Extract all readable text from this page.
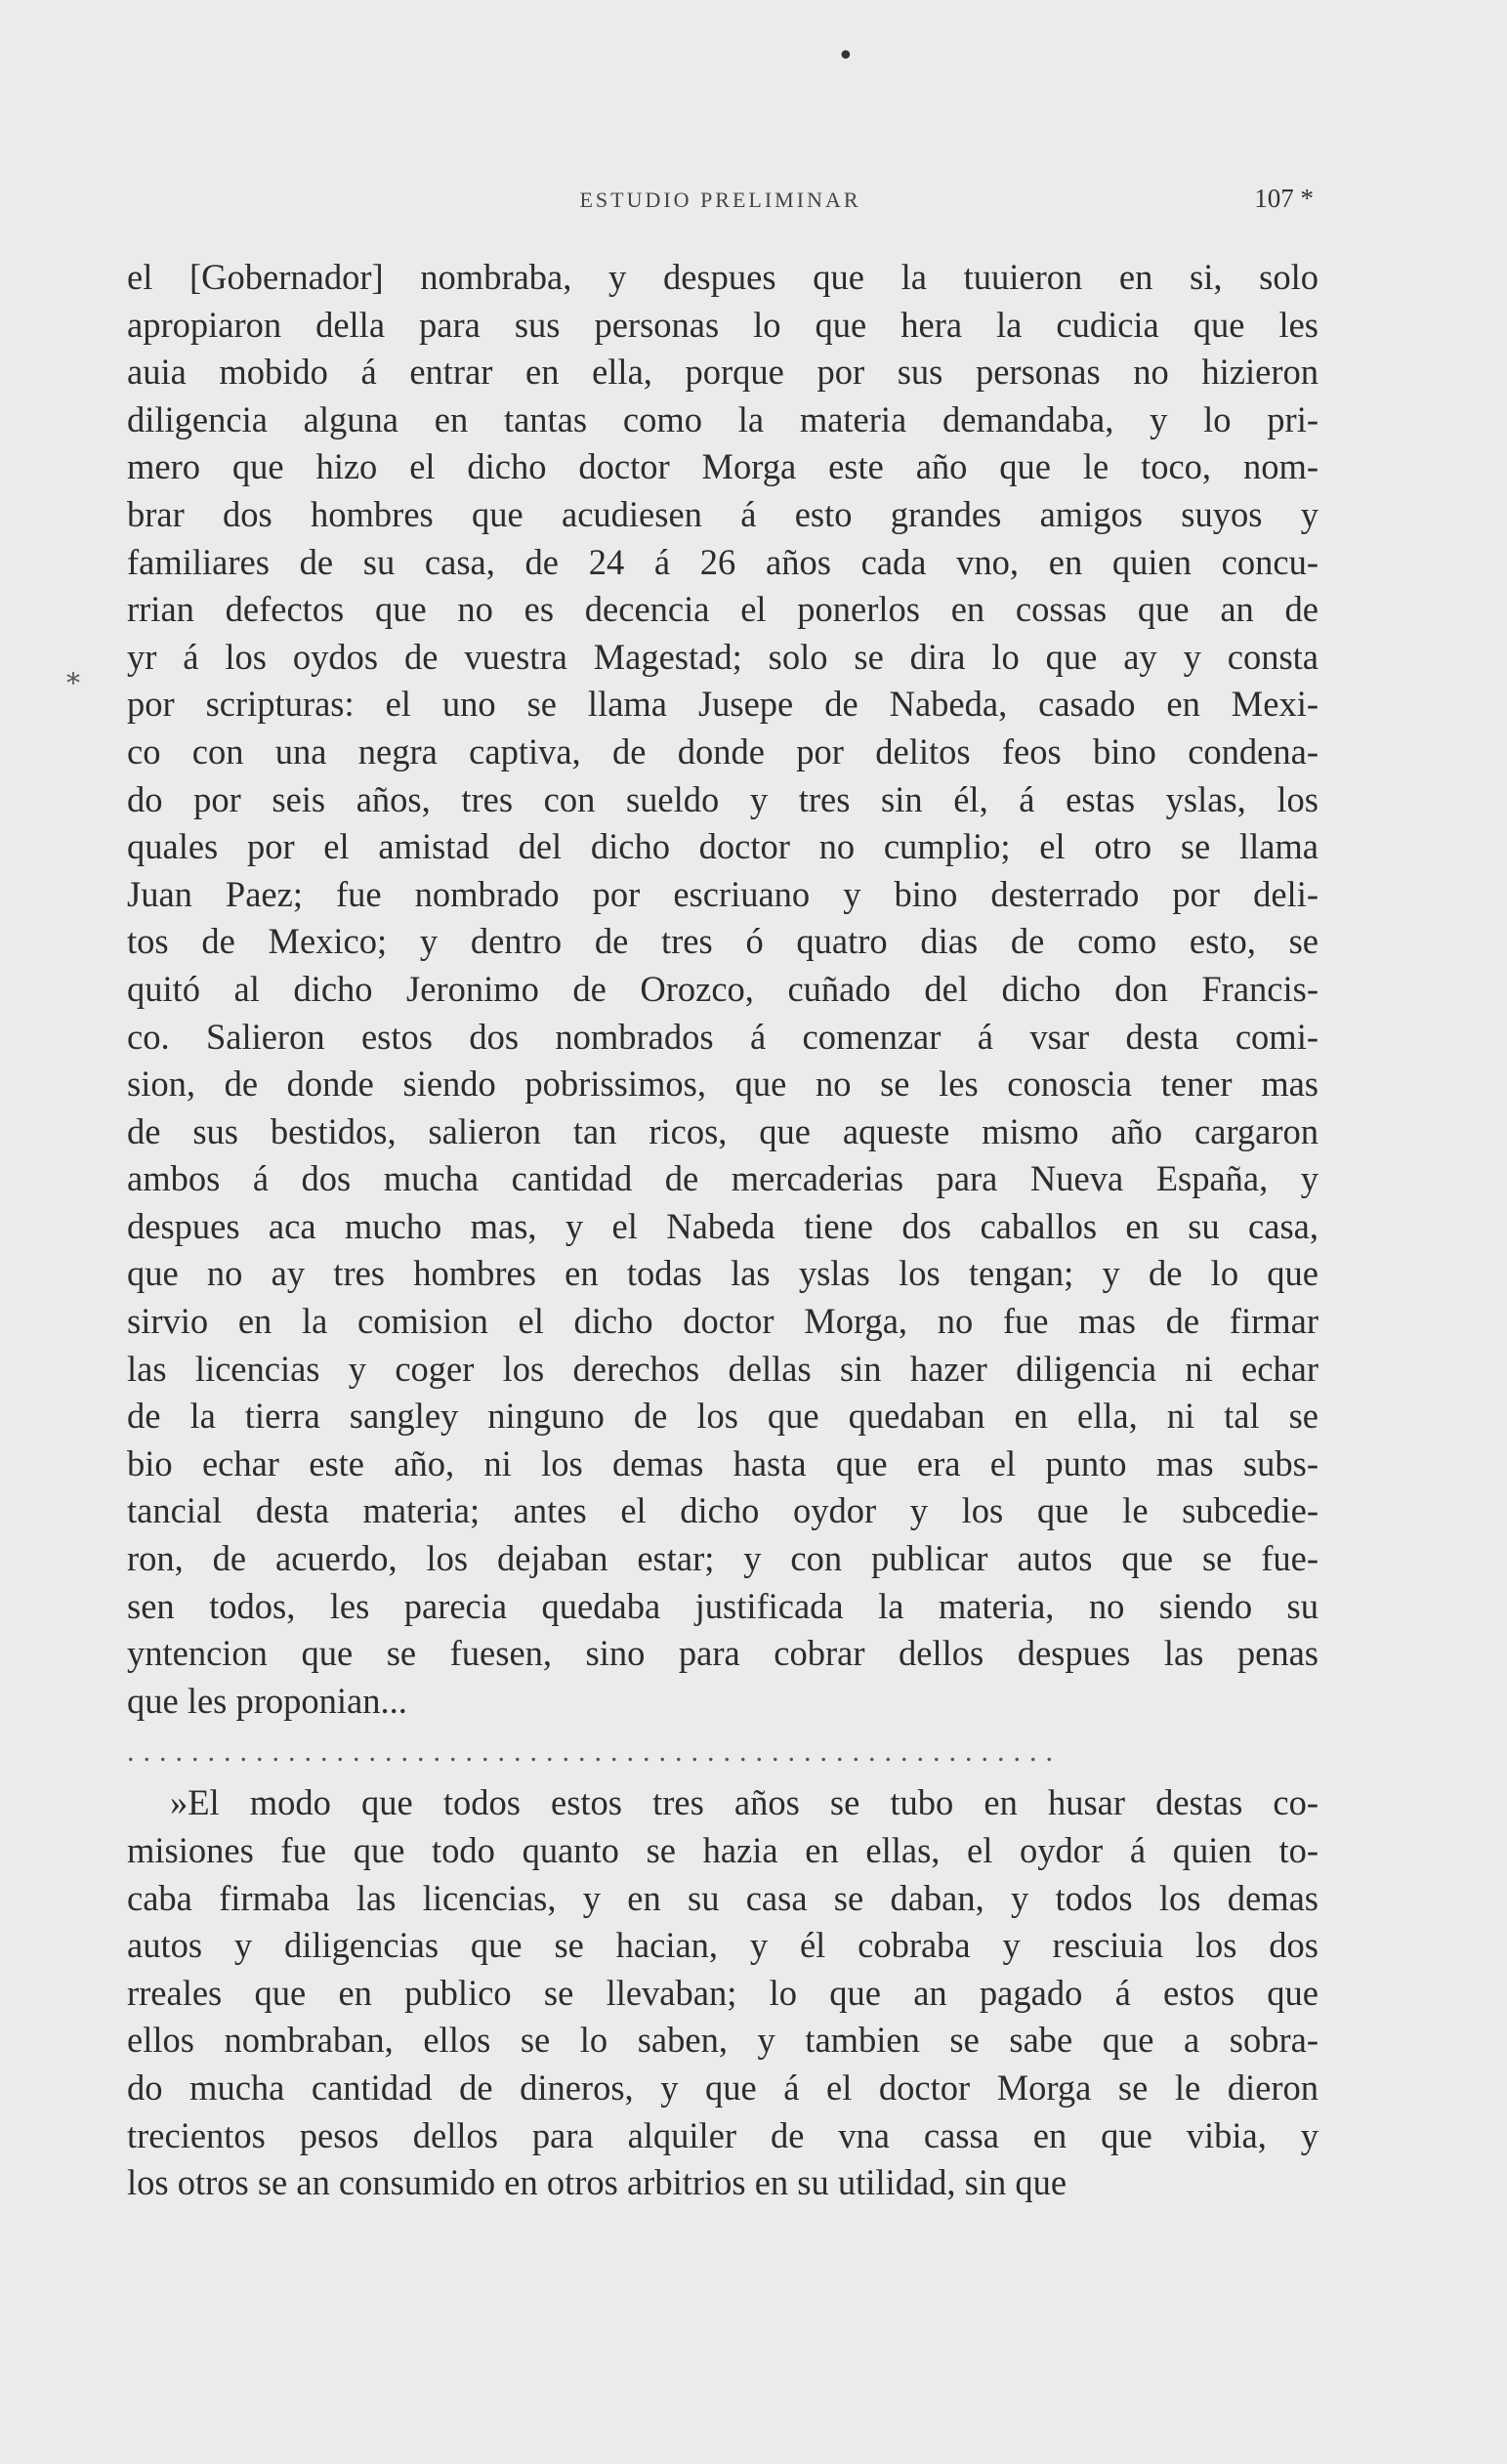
•
ESTUDIO PRELIMINAR	107 *
*
el [Gobernador] nombraba, y despues que la tuuieron en si, solo
apropiaron della para sus personas lo que hera la cudicia que les
auia mobido á entrar en ella, porque por sus personas no hizieron
diligencia alguna en tantas como la materia demandaba, y lo pri-
mero que hizo el dicho doctor Morga este año que le toco, nom-
brar dos hombres que acudiesen á esto grandes amigos suyos y
familiares de su casa, de 24 á 26 años cada vno, en quien concu-
rrian defectos que no es decencia el ponerlos en cossas que an de
yr á los oydos de vuestra Magestad; solo se dira lo que ay y consta
por scripturas: el uno se llama Jusepe de Nabeda, casado en Mexi-
co con una negra captiva, de donde por delitos feos bino condena-
do por seis años, tres con sueldo y tres sin él, á estas yslas, los
quales por el amistad del dicho doctor no cumplio; el otro se llama
Juan Paez; fue nombrado por escriuano y bino desterrado por deli-
tos de Mexico; y dentro de tres ó quatro dias de como esto, se
quitó al dicho Jeronimo de Orozco, cuñado del dicho don Francis-
co. Salieron estos dos nombrados á comenzar á vsar desta comi-
sion, de donde siendo pobrissimos, que no se les conoscia tener mas
de sus bestidos, salieron tan ricos, que aqueste mismo año cargaron
ambos á dos mucha cantidad de mercaderias para Nueva España, y
despues aca mucho mas, y el Nabeda tiene dos caballos en su casa,
que no ay tres hombres en todas las yslas los tengan; y de lo que
sirvio en la comision el dicho doctor Morga, no fue mas de firmar
las licencias y coger los derechos dellas sin hazer diligencia ni echar
de la tierra sangley ninguno de los que quedaban en ella, ni tal se
bio echar este año, ni los demas hasta que era el punto mas subs-
tancial desta materia; antes el dicho oydor y los que le subcedie-
ron, de acuerdo, los dejaban estar; y con publicar autos que se fue-
sen todos, les parecia quedaba justificada la materia, no siendo su
yntencion que se fuesen, sino para cobrar dellos despues las penas
que les proponian...
..........................................................
»El modo que todos estos tres años se tubo en husar destas co-
misiones fue que todo quanto se hazia en ellas, el oydor á quien to-
caba firmaba las licencias, y en su casa se daban, y todos los demas
autos y diligencias que se hacian, y él cobraba y resciuia los dos
rreales que en publico se llevaban; lo que an pagado á estos que
ellos nombraban, ellos se lo saben, y tambien se sabe que a sobra-
do mucha cantidad de dineros, y que á el doctor Morga se le dieron
trecientos pesos dellos para alquiler de vna cassa en que vibia, y
los otros se an consumido en otros arbitrios en su utilidad, sin que
